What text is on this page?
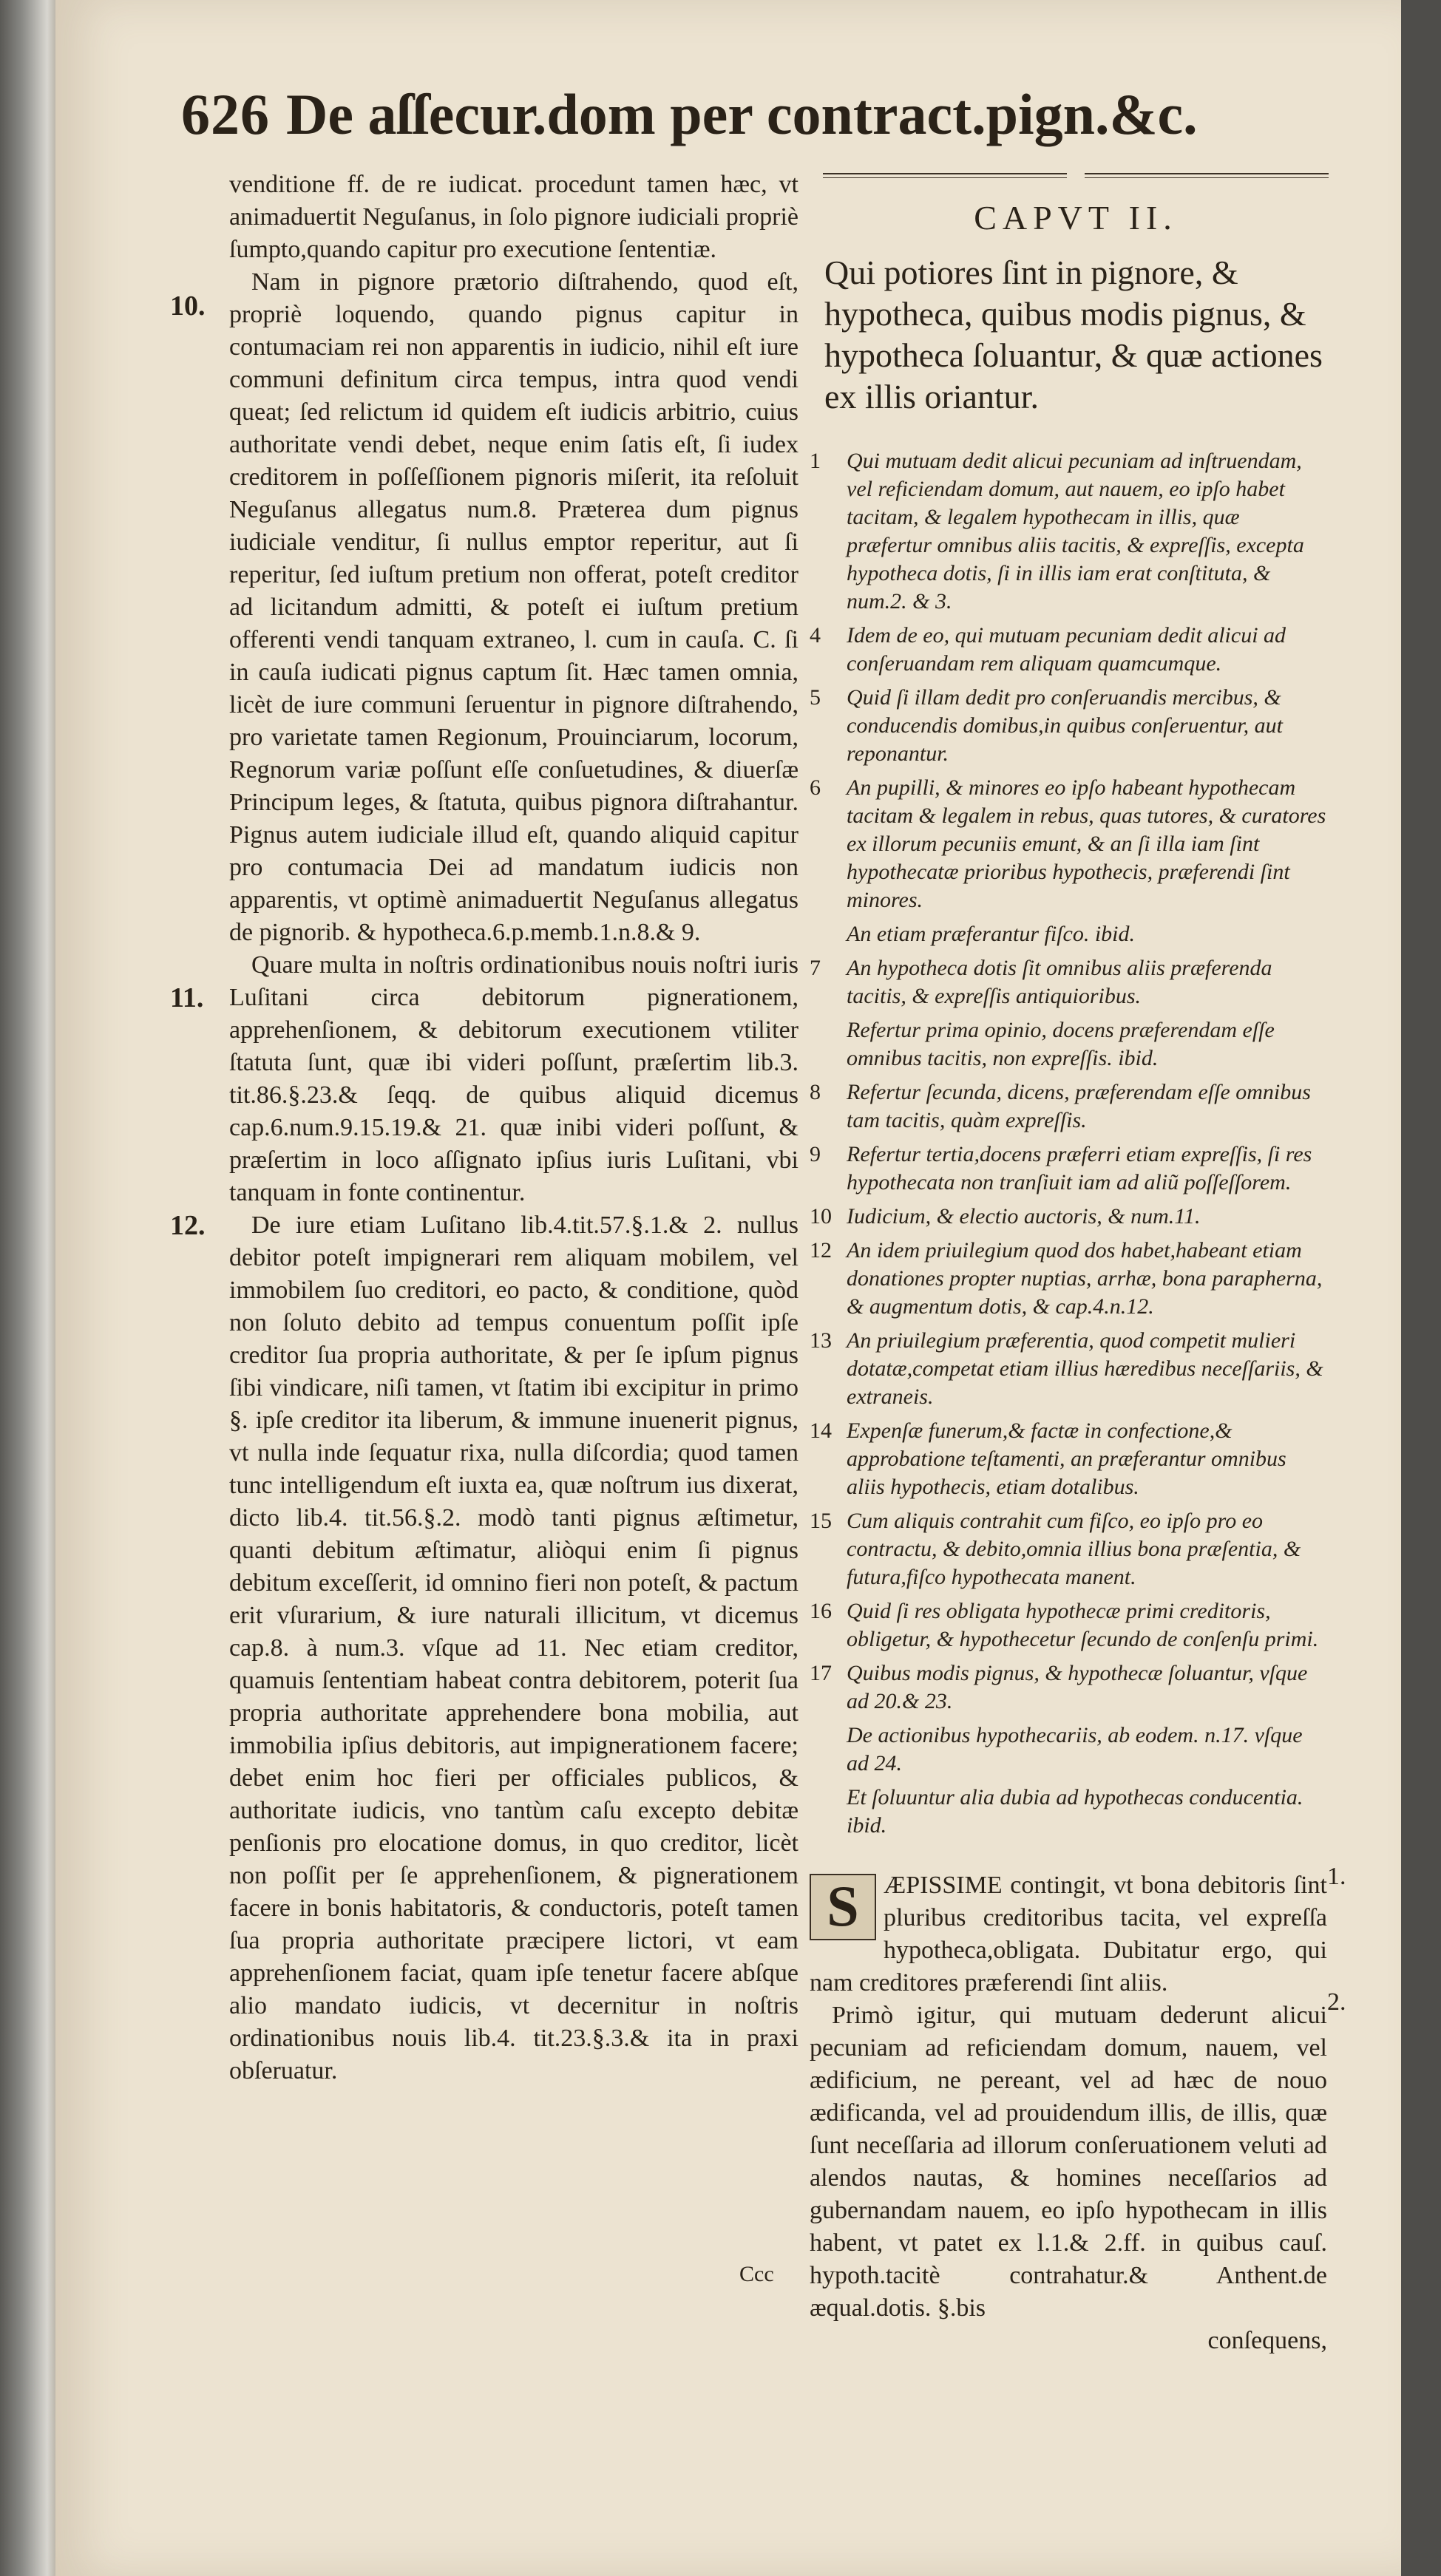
626 De aſſecur.dom per contract.pign.&c.
10.
11.
12.

venditione ff. de re iudicat. procedunt tamen hæc, vt animaduertit Neguſanus, in ſolo pignore iudiciali propriè ſumpto,quando capitur pro executione ſententiæ.

Nam in pignore prætorio diſtrahendo, quod eſt, propriè loquendo, quando pignus capitur in contumaciam rei non apparentis in iudicio, nihil eſt iure communi definitum circa tempus, intra quod vendi queat; ſed relictum id quidem eſt iudicis arbitrio, cuius authoritate vendi debet, neque enim ſatis eſt, ſi iudex creditorem in poſſeſſionem pignoris miſerit, ita reſoluit Neguſanus allegatus num.8. Præterea dum pignus iudiciale venditur, ſi nullus emptor reperitur, aut ſi reperitur, ſed iuſtum pretium non offerat, poteſt creditor ad licitandum admitti, & poteſt ei iuſtum pretium offerenti vendi tanquam extraneo, l. cum in cauſa. C. ſi in cauſa iudicati pignus captum ſit. Hæc tamen omnia, licèt de iure communi ſeruentur in pignore diſtrahendo, pro varietate tamen Regionum, Prouinciarum, locorum, Regnorum variæ poſſunt eſſe conſuetudines, & diuerſæ Principum leges, & ſtatuta, quibus pignora diſtrahantur. Pignus autem iudiciale illud eſt, quando aliquid capitur pro contumacia Dei ad mandatum iudicis non apparentis, vt optimè animaduertit Neguſanus allegatus de pignorib. & hypotheca.6.p.memb.1.n.8.& 9.

Quare multa in noſtris ordinationibus nouis noſtri iuris Luſitani circa debitorum pignerationem, apprehenſionem, & debitorum executionem vtiliter ſtatuta ſunt, quæ ibi videri poſſunt, præſertim lib.3. tit.86.§.23.& ſeqq. de quibus aliquid dicemus cap.6.num.9.15.19.& 21. quæ inibi videri poſſunt, & præſertim in loco aſſignato ipſius iuris Luſitani, vbi tanquam in fonte continentur.

De iure etiam Luſitano lib.4.tit.57.§.1.& 2. nullus debitor poteſt impignerari rem aliquam mobilem, vel immobilem ſuo creditori, eo pacto, & conditione, quòd non ſoluto debito ad tempus conuentum poſſit ipſe creditor ſua propria authoritate, & per ſe ipſum pignus ſibi vindicare, niſi tamen, vt ſtatim ibi excipitur in primo §. ipſe creditor ita liberum, & immune inuenerit pignus, vt nulla inde ſequatur rixa, nulla diſcordia; quod tamen tunc intelligendum eſt iuxta ea, quæ noſtrum ius dixerat, dicto lib.4. tit.56.§.2. modò tanti pignus æſtimetur, quanti debitum æſtimatur, aliòqui enim ſi pignus debitum exceſſerit, id omnino fieri non poteſt, & pactum erit vſurarium, & iure naturali illicitum, vt dicemus cap.8. à num.3. vſque ad 11. Nec etiam creditor, quamuis ſententiam habeat contra debitorem, poterit ſua propria authoritate apprehendere bona mobilia, aut immobilia ipſius debitoris, aut impignerationem facere; debet enim hoc fieri per officiales publicos, & authoritate iudicis, vno tantùm caſu excepto debitæ penſionis pro elocatione domus, in quo creditor, licèt non poſſit per ſe apprehenſionem, & pignerationem facere in bonis habitatoris, & conductoris, poteſt tamen ſua propria authoritate præcipere lictori, vt eam apprehenſionem faciat, quam ipſe tenetur facere abſque alio mandato iudicis, vt decernitur in noſtris ordinationibus nouis lib.4. tit.23.§.3.& ita in praxi obſeruatur.

CAPVT II.
Qui potiores ſint in pignore, & hypotheca, quibus modis pignus, & hypotheca ſoluantur, & quæ actiones ex illis oriantur.
1 Qui mutuam dedit alicui pecuniam ad inſtruendam, vel reficiendam domum, aut nauem, eo ipſo habet tacitam, & legalem hypothecam in illis, quæ præfertur omnibus aliis tacitis, & expreſſis, excepta hypotheca dotis, ſi in illis iam erat conſtituta, & num.2. & 3.
4 Idem de eo, qui mutuam pecuniam dedit alicui ad conſeruandam rem aliquam quamcumque.
5 Quid ſi illam dedit pro conſeruandis mercibus, & conducendis domibus,in quibus conſeruentur, aut reponantur.
6 An pupilli, & minores eo ipſo habeant hypothecam tacitam & legalem in rebus, quas tutores, & curatores ex illorum pecuniis emunt, & an ſi illa iam ſint hypothecatæ prioribus hypothecis, præferendi ſint minores.
An etiam præferantur fiſco. ibid.
7 An hypotheca dotis ſit omnibus aliis præferenda tacitis, & expreſſis antiquioribus.
Refertur prima opinio, docens præferendam eſſe omnibus tacitis, non expreſſis. ibid.
8 Refertur ſecunda, dicens, præferendam eſſe omnibus tam tacitis, quàm expreſſis.
9 Refertur tertia,docens præferri etiam expreſſis, ſi res hypothecata non tranſiuit iam ad aliũ poſſeſſorem.
10 Iudicium, & electio auctoris, & num.11.
12 An idem priuilegium quod dos habet,habeant etiam donationes propter nuptias, arrhæ, bona parapherna, & augmentum dotis, & cap.4.n.12.
13 An priuilegium præferentia, quod competit mulieri dotatæ,competat etiam illius hæredibus neceſſariis, & extraneis.
14 Expenſæ funerum,& factæ in confectione,& approbatione teſtamenti, an præferantur omnibus aliis hypothecis, etiam dotalibus.
15 Cum aliquis contrahit cum fiſco, eo ipſo pro eo contractu, & debito,omnia illius bona præſentia, & futura,fiſco hypothecata manent.
16 Quid ſi res obligata hypothecæ primi creditoris, obligetur, & hypothecetur ſecundo de conſenſu primi.
17 Quibus modis pignus, & hypothecæ ſoluantur, vſque ad 20.& 23.
De actionibus hypothecariis, ab eodem. n.17. vſque ad 24.
Et ſoluuntur alia dubia ad hypothecas conducentia. ibid.
S ÆPISSIME contingit, vt bona debitoris ſint pluribus creditoribus tacita, vel expreſſa hypotheca,obligata. Dubitatur ergo, qui nam creditores præferendi ſint aliis.
Primò igitur, qui mutuam dederunt alicui pecuniam ad reficiendam domum, nauem, vel ædificium, ne pereant, vel ad hæc de nouo ædificanda, vel ad prouidendum illis, de illis, quæ ſunt neceſſaria ad illorum conſeruationem veluti ad alendos nautas, & homines neceſſarios ad gubernandam nauem, eo ipſo hypothecam in illis habent, vt patet ex l.1.& 2.ff. in quibus cauſ. hypoth.tacitè contrahatur.& Anthent.de æqual.dotis. §.bis
conſequens,
1.
2.
Ccc
